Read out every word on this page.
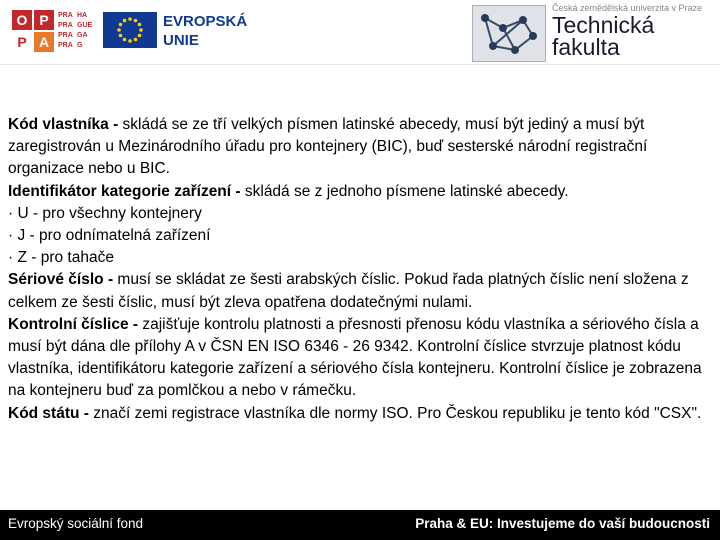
O P
P A
PRA HA
PRA GUE
PRA GA
PRA G
EVROPSKÁ
UNIE
Česká zemědělská univerzita v Praze
Technická
fakulta

Kód vlastníka - skládá se ze tří velkých písmen latinské abecedy, musí být jediný a musí být zaregistrován u Mezinárodního úřadu pro kontejnery (BIC), buď sesterské národní registrační organizace nebo u BIC.

Identifikátor kategorie zařízení - skládá se z jednoho písmene latinské abecedy.

· U - pro všechny kontejnery

· J - pro odnímatelná zařízení

· Z - pro tahače

Sériové číslo - musí se skládat ze šesti arabských číslic. Pokud řada platných číslic není složena z celkem ze šesti číslic, musí být zleva opatřena dodatečnými nulami.

Kontrolní číslice - zajišťuje kontrolu platnosti a přesnosti přenosu kódu vlastníka a sériového čísla a musí být dána dle přílohy A v ČSN EN ISO 6346 - 26 9342. Kontrolní číslice stvrzuje platnost kódu vlastníka, identifikátoru kategorie zařízení a sériového čísla kontejneru. Kontrolní číslice je zobrazena na kontejneru buď za pomlčkou a nebo v rámečku.

Kód státu - značí zemi registrace vlastníka dle normy ISO. Pro Českou republiku je tento kód "CSX".

Evropský sociální fond	Praha & EU: Investujeme do vaší budoucnosti
